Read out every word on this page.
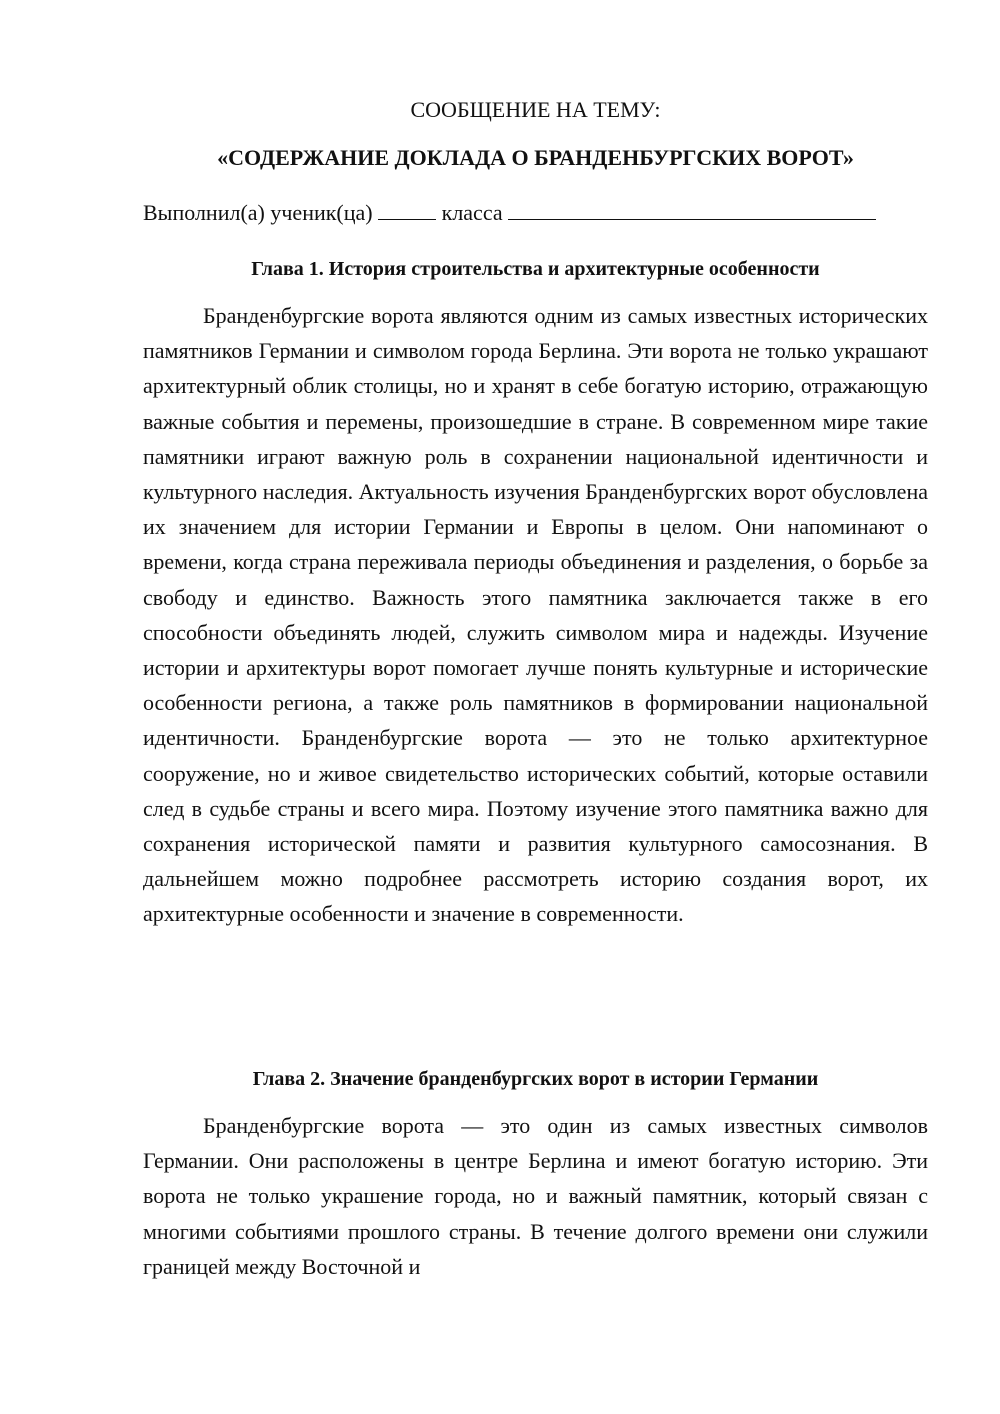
СООБЩЕНИЕ НА ТЕМУ:
«СОДЕРЖАНИЕ ДОКЛАДА О БРАНДЕНБУРГСКИХ ВОРОТ»
Выполнил(а) ученик(ца)	класса
Глава 1. История строительства и архитектурные особенности

Бранденбургские ворота являются одним из самых известных исторических памятников Германии и символом города Берлина. Эти ворота не только украшают архитектурный облик столицы, но и хранят в себе богатую историю, отражающую важные события и перемены, произошедшие в стране. В современном мире такие памятники играют важную роль в сохранении национальной идентичности и культурного наследия. Актуальность изучения Бранденбургских ворот обусловлена их значением для истории Германии и Европы в целом. Они напоминают о времени, когда страна переживала периоды объединения и разделения, о борьбе за свободу и единство. Важность этого памятника заключается также в его способности объединять людей, служить символом мира и надежды. Изучение истории и архитектуры ворот помогает лучше понять культурные и исторические особенности региона, а также роль памятников в формировании национальной идентичности. Бранденбургские ворота — это не только архитектурное сооружение, но и живое свидетельство исторических событий, которые оставили след в судьбе страны и всего мира. Поэтому изучение этого памятника важно для сохранения исторической памяти и развития культурного самосознания. В дальнейшем можно подробнее рассмотреть историю создания ворот, их архитектурные особенности и значение в современности.

Глава 2. Значение бранденбургских ворот в истории Германии

Бранденбургские ворота — это один из самых известных символов Германии. Они расположены в центре Берлина и имеют богатую историю. Эти ворота не только украшение города, но и важный памятник, который связан с многими событиями прошлого страны. В течение долгого времени они служили границей между Восточной и
